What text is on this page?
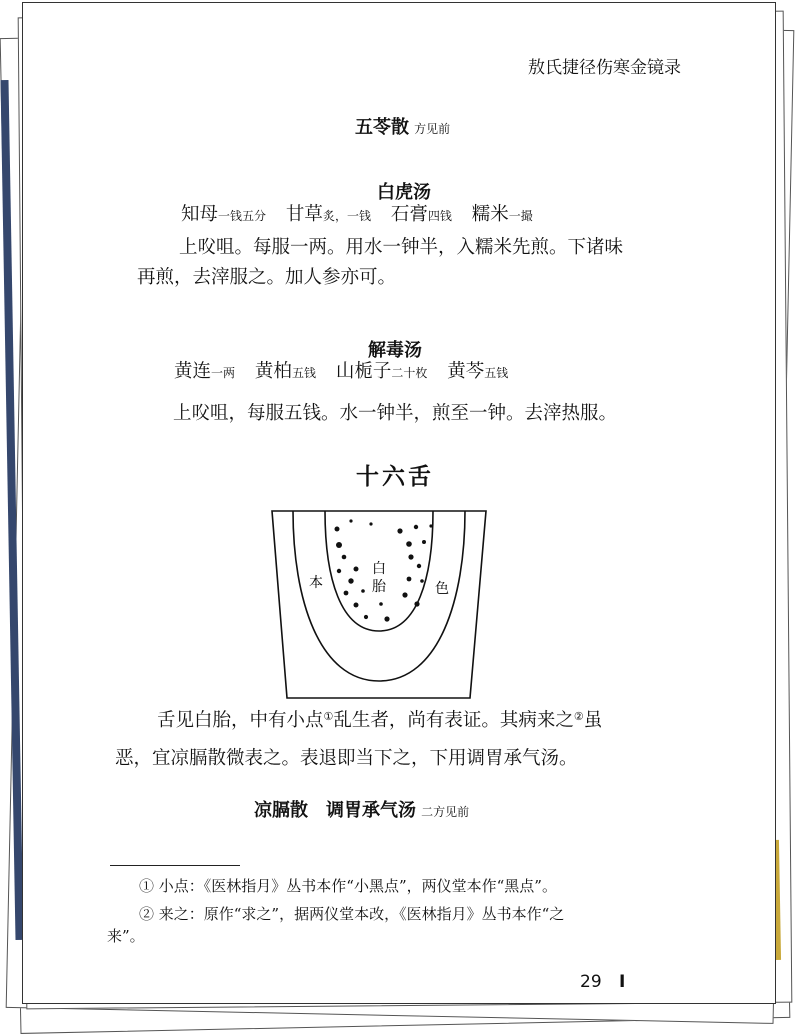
敖氏捷径伤寒金镜录
五苓散 方见前
白虎汤
知母一钱五分 甘草炙，一钱 石膏四钱 糯米一撮
上㕮咀。每服一两。用水一钟半，入糯米先煎。下诸味
再煎，去滓服之。加人参亦可。
解毒汤
黄连一两 黄柏五钱 山栀子二十枚 黄芩五钱
上㕮咀，每服五钱。水一钟半，煎至一钟。去滓热服。
十六舌
本
白
胎	色
舌见白胎，中有小点①乱生者，尚有表证。其病来之②虽
恶，宜凉膈散微表之。表退即当下之，下用调胃承气汤。
凉膈散　调胃承气汤 二方见前
① 小点：《医林指月》丛书本作“小黑点”，两仪堂本作“黑点”。
② 来之：原作“求之”，据两仪堂本改，《医林指月》丛书本作“之
来”。
29 I
